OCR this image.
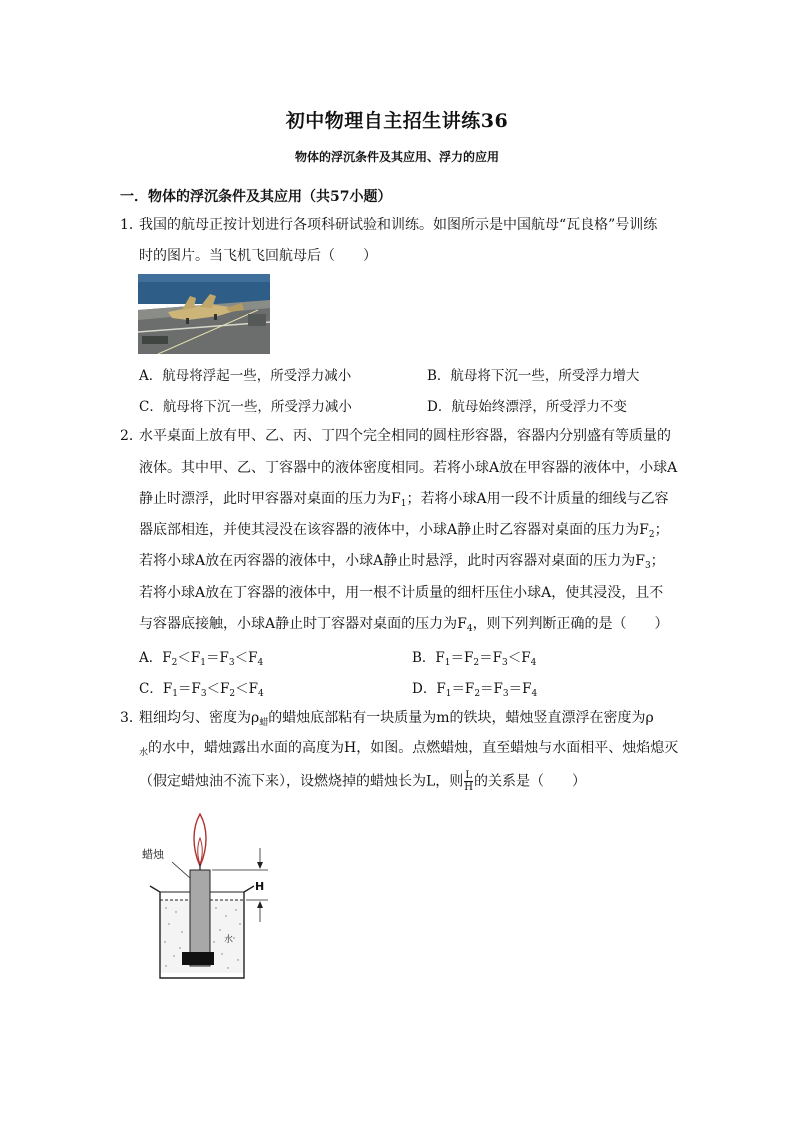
初中物理自主招生讲练36
物体的浮沉条件及其应用、浮力的应用
一．物体的浮沉条件及其应用（共57小题）
1．
我国的航母正按计划进行各项科研试验和训练。如图所示是中国航母“瓦良格”号训练
时的图片。当飞机飞回航母后（　　）
A．航母将浮起一些，所受浮力减小	B．航母将下沉一些，所受浮力增大
C．航母将下沉一些，所受浮力减小	D．航母始终漂浮，所受浮力不变
2．
水平桌面上放有甲、乙、丙、丁四个完全相同的圆柱形容器，容器内分别盛有等质量的
液体。其中甲、乙、丁容器中的液体密度相同。若将小球A放在甲容器的液体中，小球A
静止时漂浮，此时甲容器对桌面的压力为$F_1$；若将小球A用一段不计质量的细线与乙容
器底部相连，并使其浸没在该容器的液体中，小球A静止时乙容器对桌面的压力为$F_2$；
若将小球A放在丙容器的液体中，小球A静止时悬浮，此时丙容器对桌面的压力为$F_3$；
若将小球A放在丁容器的液体中，用一根不计质量的细杆压住小球A，使其浸没，且不
与容器底接触，小球A静止时丁容器对桌面的压力为$F_4$，则下列判断正确的是（　　）
A．$F_2<F_1=F_3<F_4$	B．$F_1=F_2=F_3<F_4$
C．$F_1=F_3<F_2<F_4$	D．$F_1=F_2=F_3=F_4$
3．
粗细均匀、密度为$\rho_蜡$的蜡烛底部粘有一块质量为m的铁块，蜡烛竖直漂浮在密度为ρ
$_水$的水中，蜡烛露出水面的高度为H，如图。点燃蜡烛，直至蜡烛与水面相平、烛焰熄灭
（假定蜡烛油不流下来），设燃烧掉的蜡烛长为L，则 $\frac{L}{H}$ 的关系是（　　）
蜡烛
H
水
